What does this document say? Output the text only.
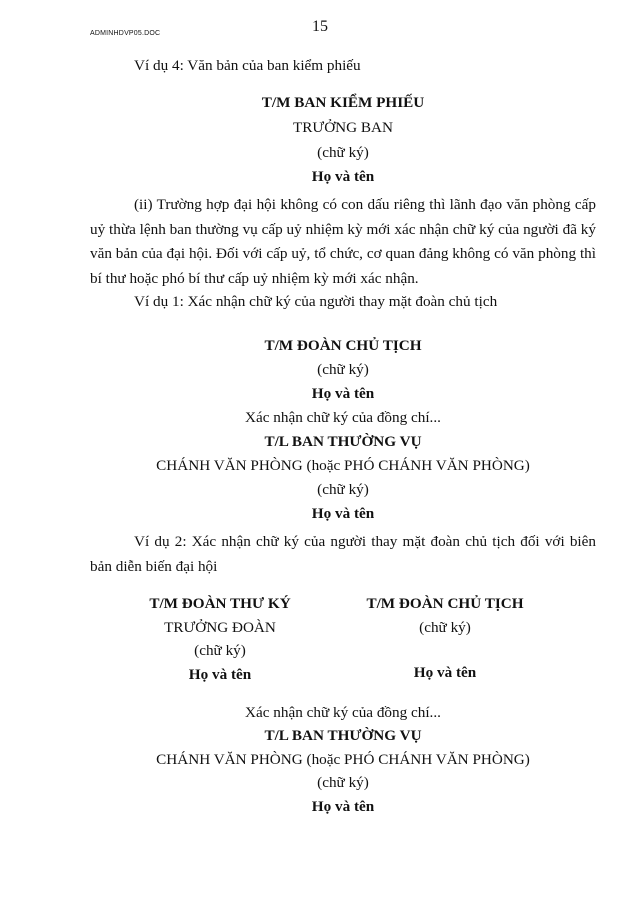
ADMINHDVP05.DOC	15
Ví dụ 4: Văn bản của ban kiểm phiếu
T/M BAN KIỂM PHIẾU
TRƯỞNG BAN
(chữ ký)
Họ và tên

(ii) Trường hợp đại hội không có con dấu riêng thì lãnh đạo văn phòng cấp uỷ thừa lệnh ban thường vụ cấp uỷ nhiệm kỳ mới xác nhận chữ ký của người đã ký văn bản của đại hội. Đối với cấp uỷ, tổ chức, cơ quan đảng không có văn phòng thì bí thư hoặc phó bí thư cấp uỷ nhiệm kỳ mới xác nhận.

Ví dụ 1: Xác nhận chữ ký của người thay mặt đoàn chủ tịch
T/M ĐOÀN CHỦ TỊCH
(chữ ký)
Họ và tên
Xác nhận chữ ký của đồng chí...
T/L BAN THƯỜNG VỤ
CHÁNH VĂN PHÒNG (hoặc PHÓ CHÁNH VĂN PHÒNG)
(chữ ký)
Họ và tên

Ví dụ 2: Xác nhận chữ ký của người thay mặt đoàn chủ tịch đối với biên bản diễn biến đại hội

T/M ĐOÀN THƯ KÝ
TRƯỞNG ĐOÀN
(chữ ký)
Họ và tên
T/M ĐOÀN CHỦ TỊCH
(chữ ký)
Họ và tên
Xác nhận chữ ký của đồng chí...
T/L BAN THƯỜNG VỤ
CHÁNH VĂN PHÒNG (hoặc PHÓ CHÁNH VĂN PHÒNG)
(chữ ký)
Họ và tên
